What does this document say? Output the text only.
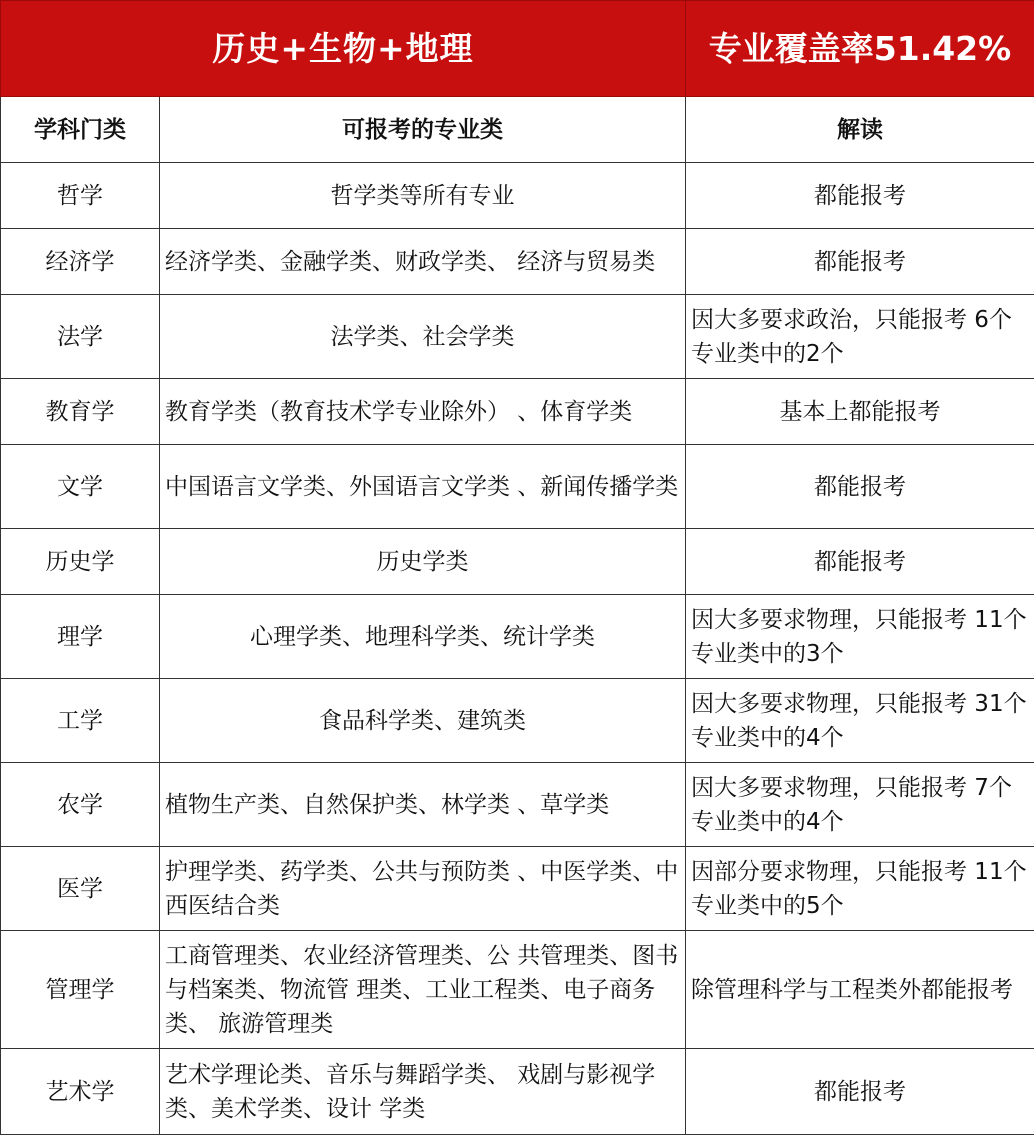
历史+生物+地理		专业覆盖率51.42%
学科门类	可报考的专业类	解读
哲学	哲学类等所有专业	都能报考
经济学	经济学类、金融学类、财政学类、 经济与贸易类	都能报考
法学	法学类、社会学类	因大多要求政治，只能报考 6个专业类中的2个
教育学	教育学类（教育技术学专业除外） 、体育学类	基本上都能报考
文学	中国语言文学类、外国语言文学类 、新闻传播学类	都能报考
历史学	历史学类	都能报考
理学	心理学类、地理科学类、统计学类	因大多要求物理，只能报考 11个专业类中的3个
工学	食品科学类、建筑类	因大多要求物理，只能报考 31个专业类中的4个
农学	植物生产类、自然保护类、林学类 、草学类	因大多要求物理，只能报考 7个专业类中的4个
医学	护理学类、药学类、公共与预防类 、中医学类、中西医结合类	因部分要求物理，只能报考 11个专业类中的5个
管理学	工商管理类、农业经济管理类、公 共管理类、图书与档案类、物流管 理类、工业工程类、电子商务类、 旅游管理类	除管理科学与工程类外都能报考
艺术学	艺术学理论类、音乐与舞蹈学类、 戏剧与影视学类、美术学类、设计 学类	都能报考
